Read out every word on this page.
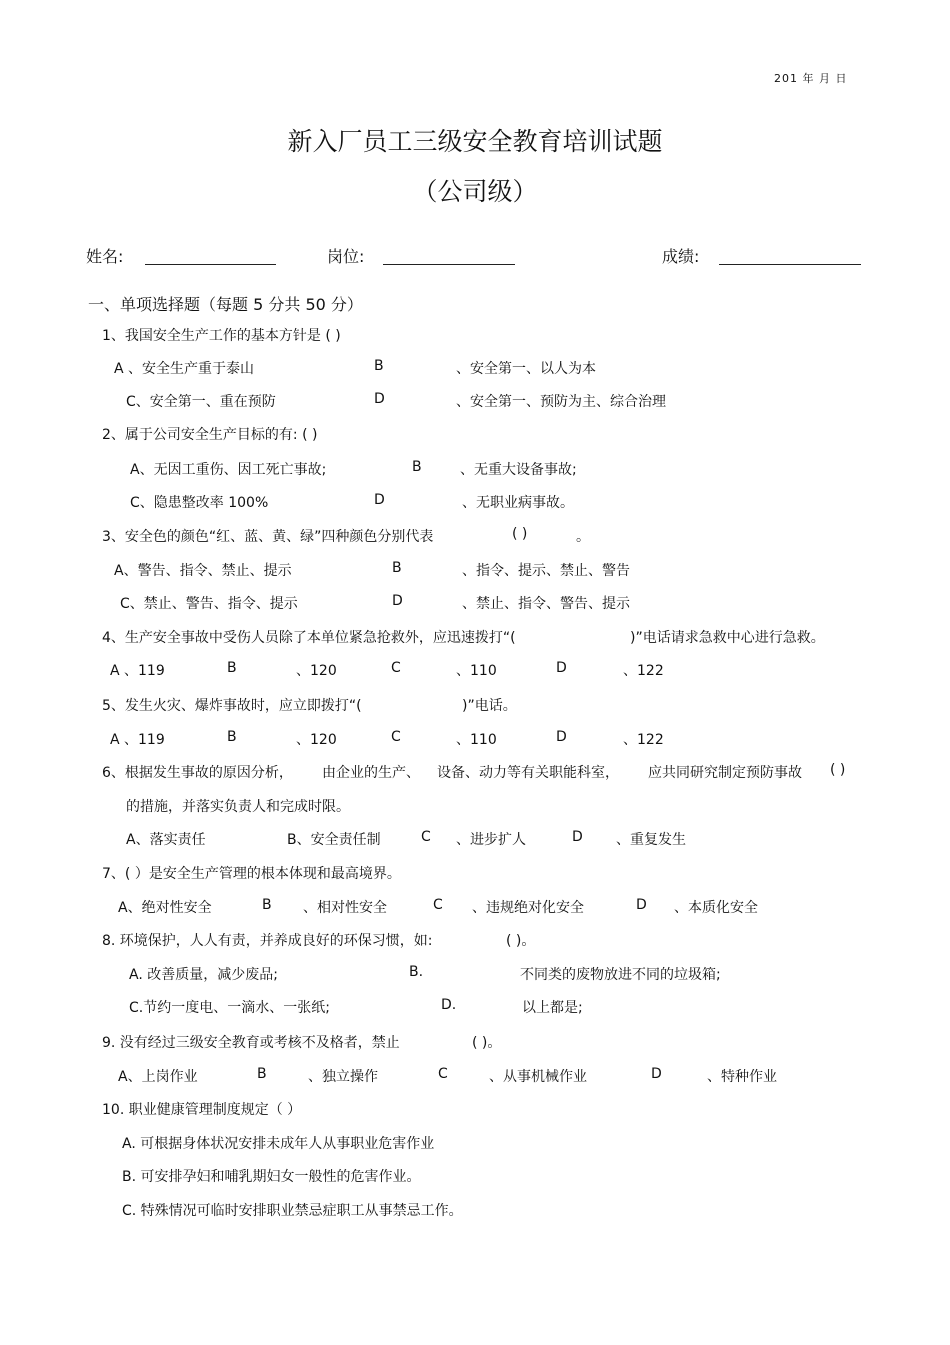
201 年 月 日
新入厂员工三级安全教育培训试题
（公司级）
姓名:	岗位:	成绩:
一、单项选择题（每题 5 分共 50 分）
1、我国安全生产工作的基本方针是 ( )
A 、安全生产重于泰山	B	、安全第一、以人为本
C、安全第一、重在预防	D	、安全第一、预防为主、综合治理
2、属于公司安全生产目标的有: ( )
A、无因工重伤、因工死亡事故;	B	、无重大设备事故;
C、隐患整改率 100%	D	、无职业病事故。
3、安全色的颜色“红、蓝、黄、绿”四种颜色分别代表	( )	。
A、警告、指令、禁止、提示	B	、指令、提示、禁止、警告
C、禁止、警告、指令、提示	D	、禁止、指令、警告、提示
4、生产安全事故中受伤人员除了本单位紧急抢救外，应迅速拨打“(	)”电话请求急救中心进行急救。
A 、119	B	、120	C	、110	D	、122
5、发生火灾、爆炸事故时，应立即拨打“(	)”电话。
A 、119	B	、120	C	、110	D	、122
6、根据发生事故的原因分析， 由企业的生产、 设备、动力等有关职能科室， 应共同研究制定预防事故 ( )
的措施，并落实负责人和完成时限。
A、落实责任	B、安全责任制	C 、进步扩人	D 、重复发生
7、( ）是安全生产管理的根本体现和最高境界。
A、绝对性安全	B 、相对性安全	C 、违规绝对化安全	D 、本质化安全
8. 环境保护，人人有责，并养成良好的环保习惯，如:	( )。
A. 改善质量，减少废品;	B.	不同类的废物放进不同的垃圾箱;
C.节约一度电、一滴水、一张纸;	D.	以上都是;
9. 没有经过三级安全教育或考核不及格者，禁止	( )。
A、上岗作业	B	、独立操作	C	、从事机械作业	D	、特种作业
10. 职业健康管理制度规定（ ）
A. 可根据身体状况安排未成年人从事职业危害作业
B. 可安排孕妇和哺乳期妇女一般性的危害作业。
C. 特殊情况可临时安排职业禁忌症职工从事禁忌工作。
